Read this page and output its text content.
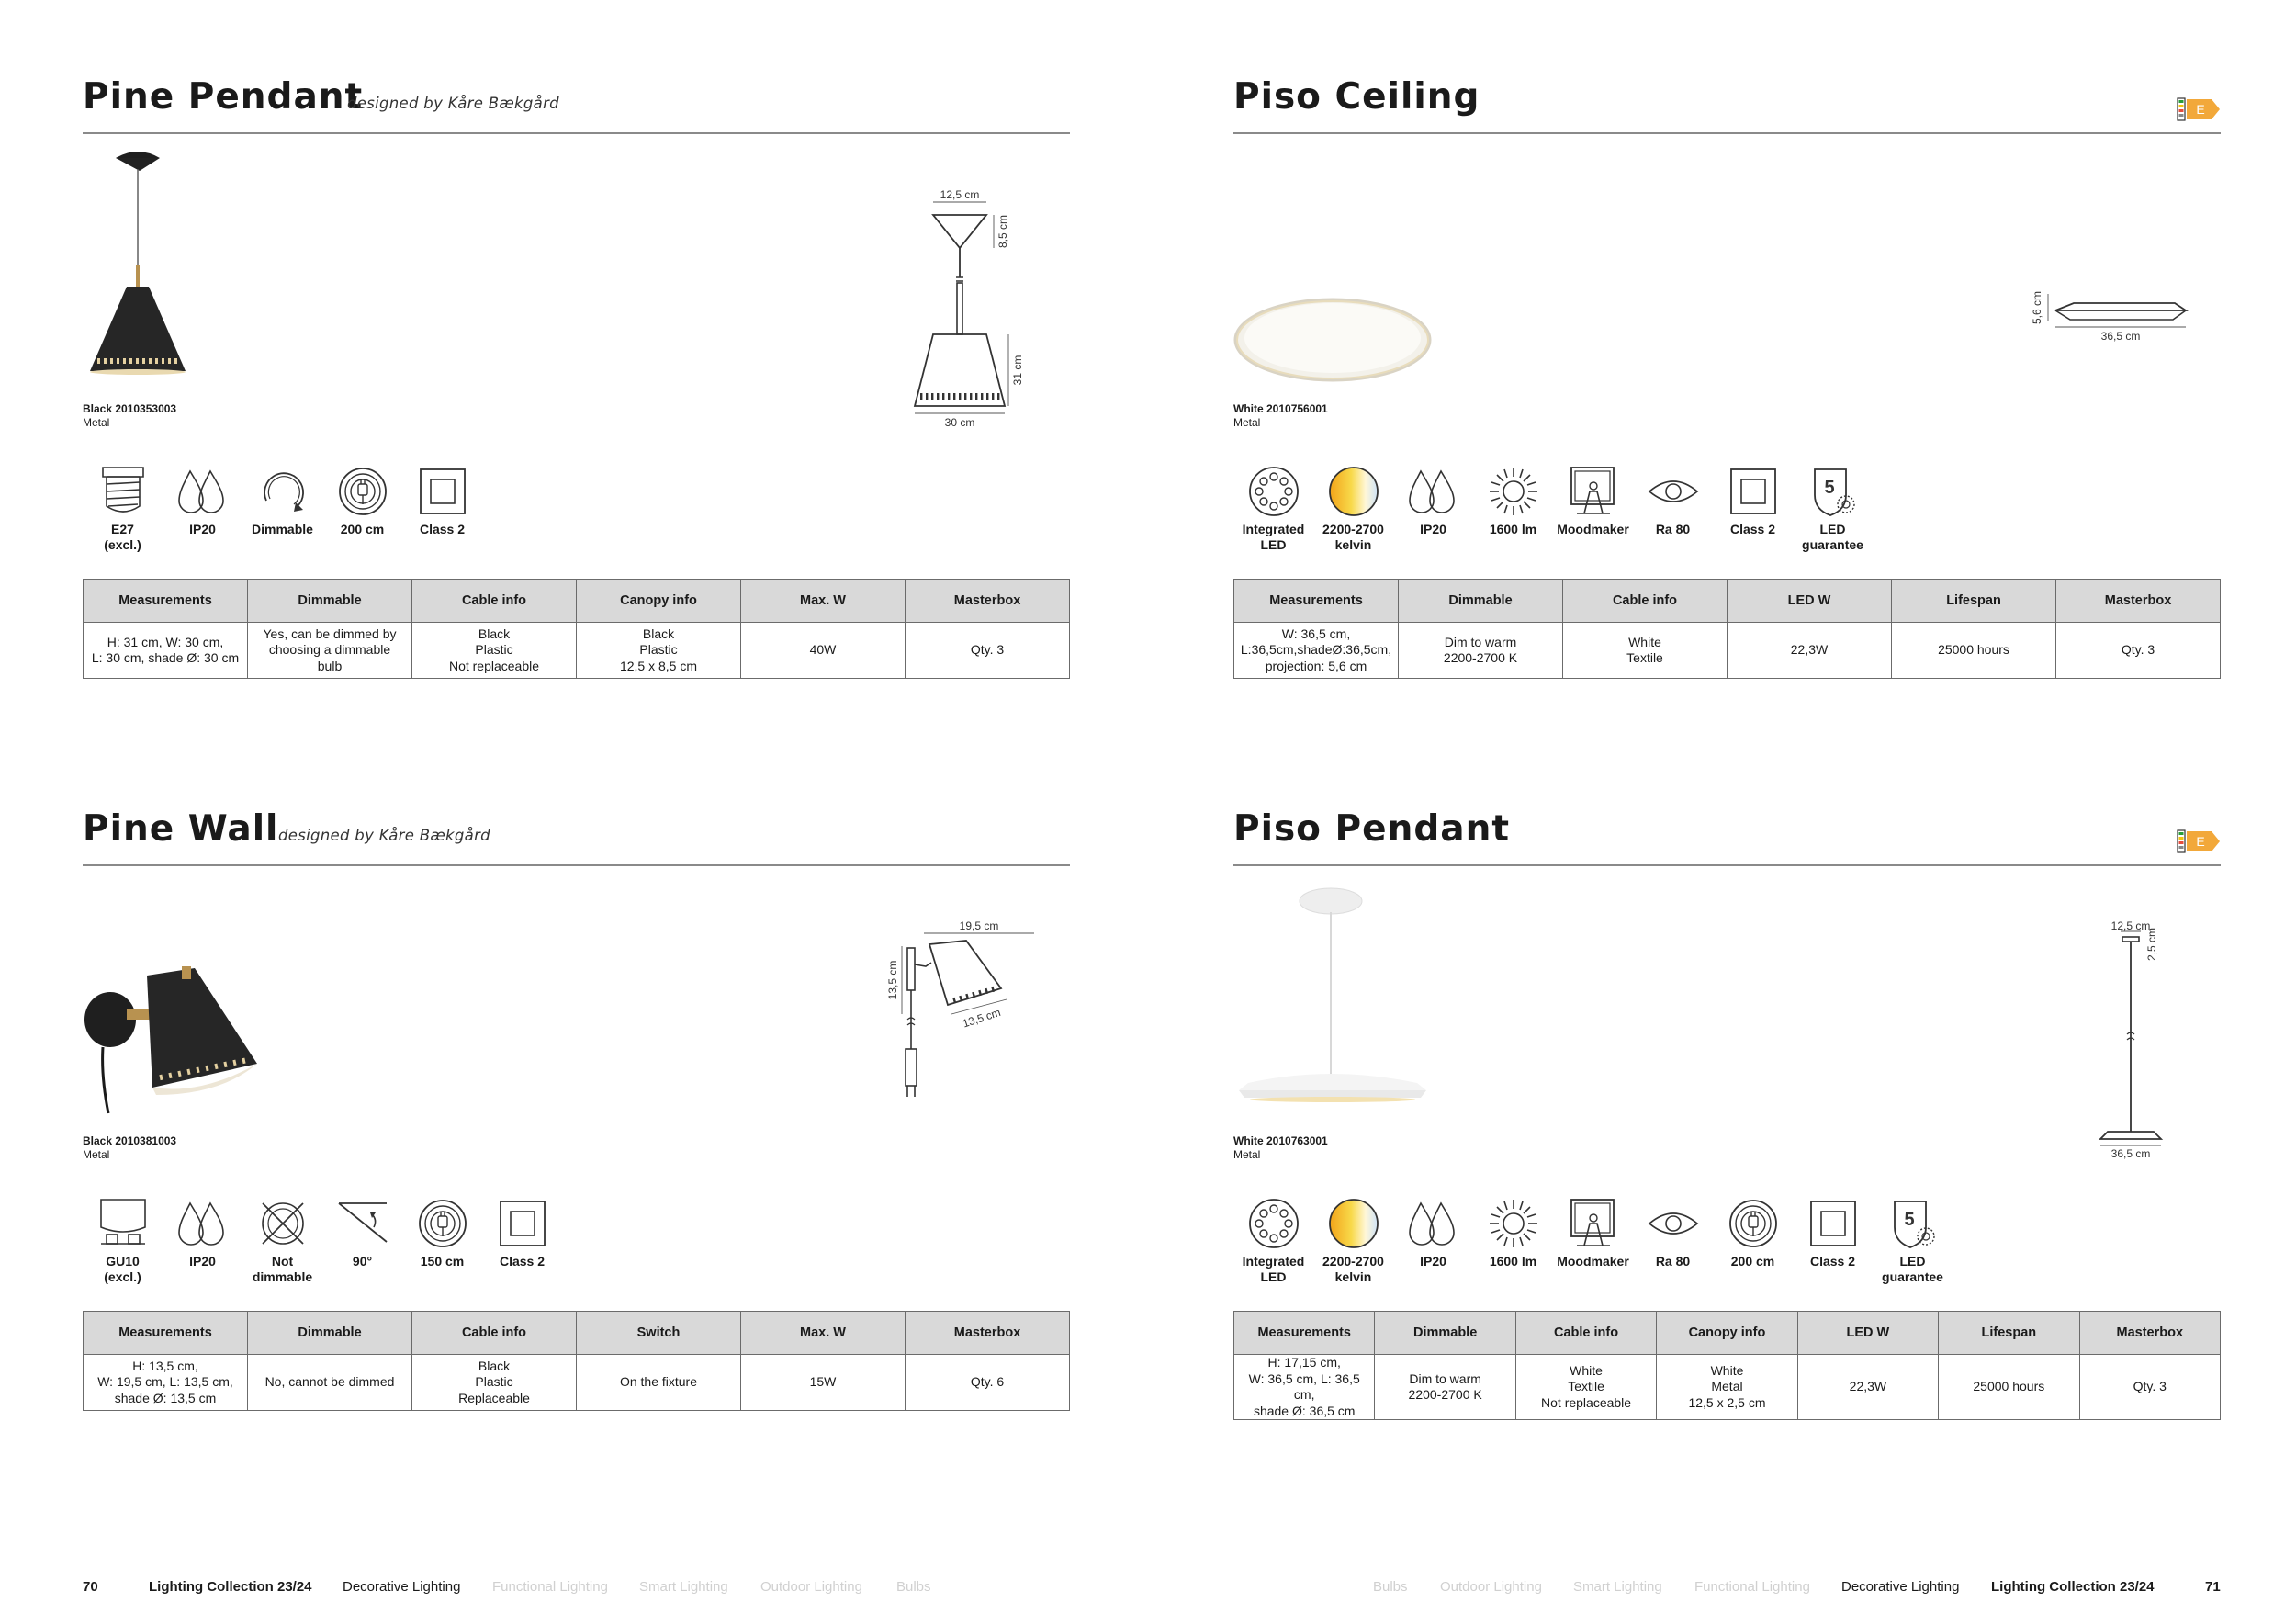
Pine Pendant
designed by Kåre Bækgård
Black 2010353003
Metal
12,5 cm
8,5 cm
31 cm
30 cm
E27
(excl.)
IP20	Dimmable	200 cm	Class 2
Measurements	Dimmable	Cable info	Canopy info	Max. W	Masterbox
H: 31 cm, W: 30 cm,
L: 30 cm, shade Ø: 30 cm	Yes, can be dimmed by
choosing a dimmable
bulb	Black
Plastic
Not replaceable	Black
Plastic
12,5 x 8,5 cm	40W	Qty. 3
Piso Ceiling	E
White 2010756001
Metal
5,6 cm
36,5 cm
Integrated
LED
2200-2700
kelvin
IP20	1600 lm	Moodmaker	Ra 80	Class 2
5
LED
guarantee
Measurements	Dimmable	Cable info	LED W	Lifespan	Masterbox
W: 36,5 cm,
L:36,5cm,shadeØ:36,5cm,
projection: 5,6 cm	Dim to warm
2200-2700 K	White
Textile	22,3W	25000 hours	Qty. 3
Pine Wall designed by Kåre Bækgård
Black 2010381003
Metal
19,5 cm
13,5 cm
13,5 cm
GU10
(excl.)
IP20	Not
dimmable
90°	150 cm	Class 2
Measurements	Dimmable	Cable info	Switch	Max. W	Masterbox
H: 13,5 cm,
W: 19,5 cm, L: 13,5 cm,
shade Ø: 13,5 cm	No, cannot be dimmed	Black
Plastic
Replaceable	On the fixture	15W	Qty. 6
Piso Pendant	E
White 2010763001
Metal
12,5 cm
2,5 cm
36,5 cm
Integrated
LED
2200-2700
kelvin
IP20	1600 lm	Moodmaker	Ra 80	200 cm	Class 2
5
LED
guarantee
Measurements	Dimmable	Cable info	Canopy info	LED W	Lifespan	Masterbox
H: 17,15 cm,
W: 36,5 cm, L: 36,5 cm,
shade Ø: 36,5 cm	Dim to warm
2200-2700 K	White
Textile
Not replaceable	White
Metal
12,5 x 2,5 cm	22,3W	25000 hours	Qty. 3
70	Lighting Collection 23/24 Decorative Lighting Functional Lighting Smart Lighting Outdoor Lighting Bulbs	Bulbs Outdoor Lighting Smart Lighting Functional Lighting Decorative Lighting Lighting Collection 23/24	71
